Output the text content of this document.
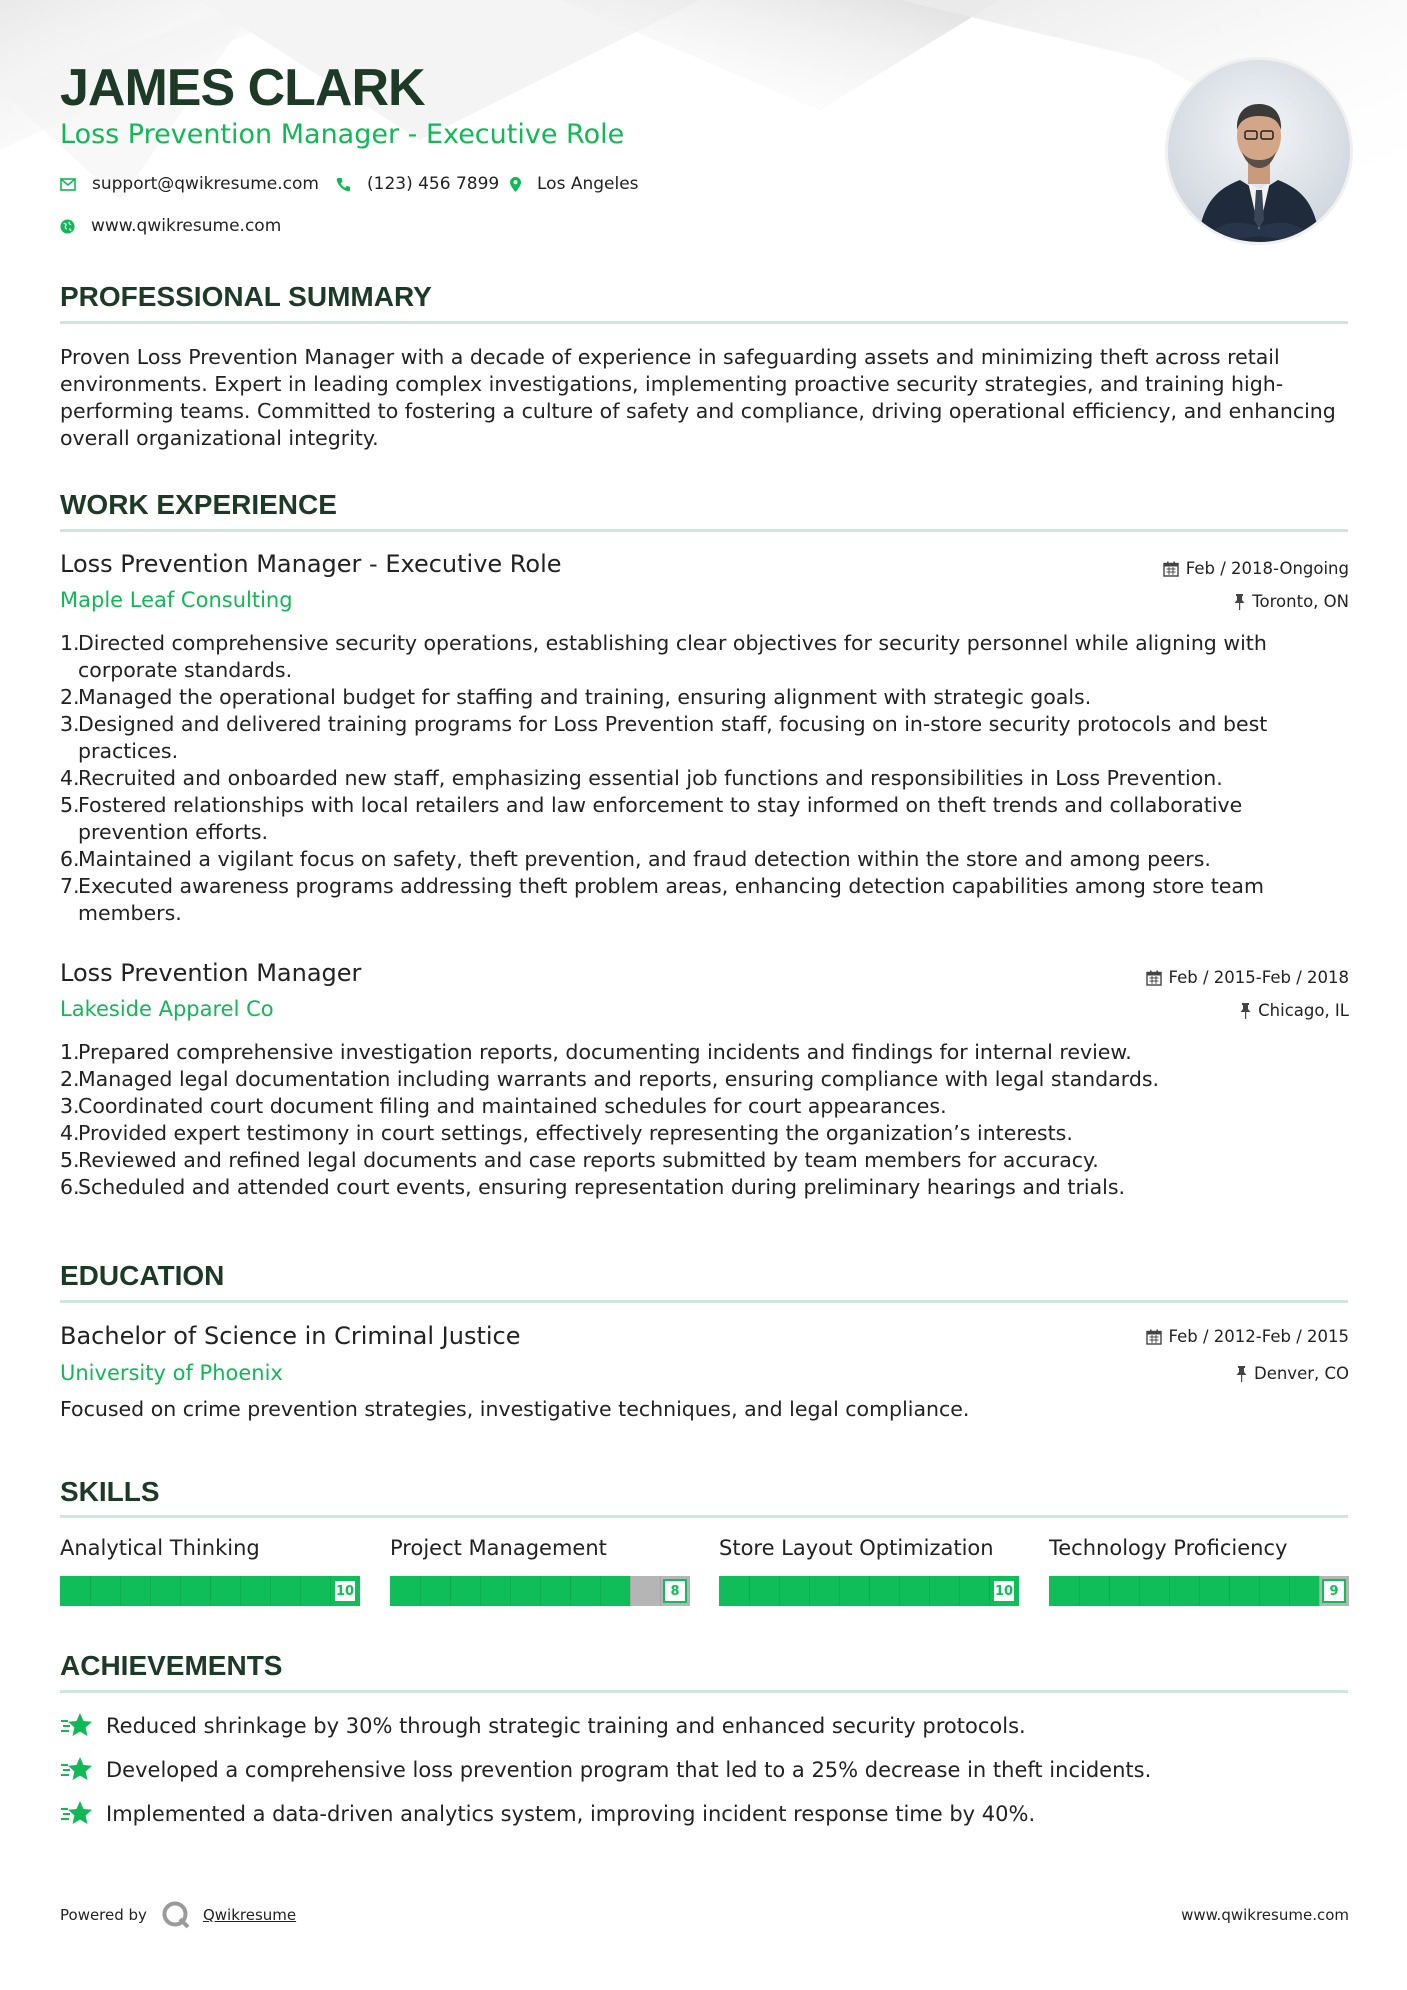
JAMES CLARK
Loss Prevention Manager - Executive Role
support@qwikresume.com	(123) 456 7899 Los Angeles
www.qwikresume.com
PROFESSIONAL SUMMARY
Proven Loss Prevention Manager with a decade of experience in safeguarding assets and minimizing theft across retail environments. Expert in leading complex investigations, implementing proactive security strategies, and training high-performing teams. Committed to fostering a culture of safety and compliance, driving operational efficiency, and enhancing overall organizational integrity.
WORK EXPERIENCE
Loss Prevention Manager - Executive Role
Maple Leaf Consulting
Feb / 2018-Ongoing
Toronto, ON
1.
Directed comprehensive security operations, establishing clear objectives for security personnel while aligning with corporate standards.
2.
Managed the operational budget for staffing and training, ensuring alignment with strategic goals.
3.
Designed and delivered training programs for Loss Prevention staff, focusing on in-store security protocols and best practices.
4.
Recruited and onboarded new staff, emphasizing essential job functions and responsibilities in Loss Prevention.
5.
Fostered relationships with local retailers and law enforcement to stay informed on theft trends and collaborative prevention efforts.
6.
Maintained a vigilant focus on safety, theft prevention, and fraud detection within the store and among peers.
7.
Executed awareness programs addressing theft problem areas, enhancing detection capabilities among store team members.
Loss Prevention Manager
Lakeside Apparel Co
Feb / 2015-Feb / 2018
Chicago, IL
1.
Prepared comprehensive investigation reports, documenting incidents and findings for internal review.
2.
Managed legal documentation including warrants and reports, ensuring compliance with legal standards.
3.
Coordinated court document filing and maintained schedules for court appearances.
4.
Provided expert testimony in court settings, effectively representing the organization’s interests.
5.
Reviewed and refined legal documents and case reports submitted by team members for accuracy.
6.
Scheduled and attended court events, ensuring representation during preliminary hearings and trials.
EDUCATION
Bachelor of Science in Criminal Justice
University of Phoenix
Feb / 2012-Feb / 2015
Denver, CO
Focused on crime prevention strategies, investigative techniques, and legal compliance.
SKILLS
Analytical Thinking
10
Project Management
8
Store Layout Optimization
10
Technology Proficiency
9
ACHIEVEMENTS
Reduced shrinkage by 30% through strategic training and enhanced security protocols.
Developed a comprehensive loss prevention program that led to a 25% decrease in theft incidents.
Implemented a data-driven analytics system, improving incident response time by 40%.
Powered by	Qwikresume	www.qwikresume.com
